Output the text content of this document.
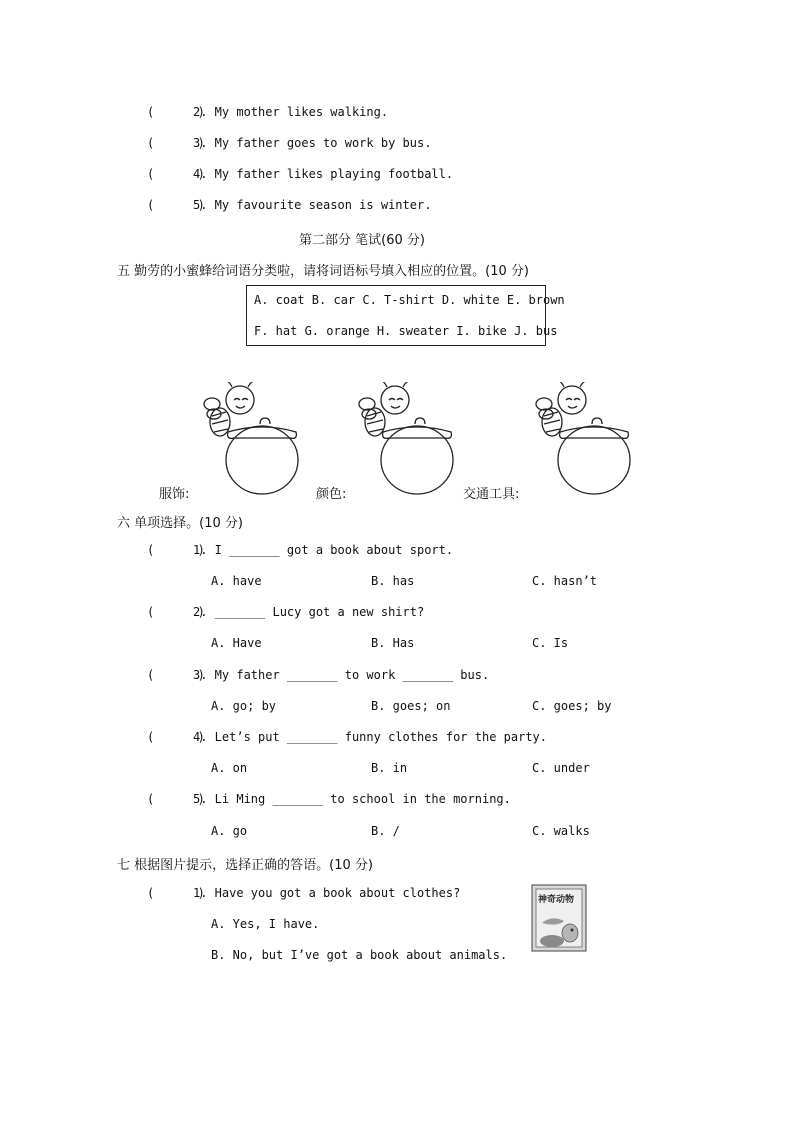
(      )
2. My mother likes walking.
(      )
3. My father goes to work by bus.
(      )
4. My father likes playing football.
(      )
5. My favourite season is winter.
第二部分 笔试(60 分)
五 勤劳的小蜜蜂给词语分类啦，请将词语标号填入相应的位置。(10 分)
A. coat B. car C. T-shirt D. white E. brown
F. hat G. orange H. sweater I. bike J. bus
服饰:	颜色:	交通工具:
六 单项选择。(10 分)
(      )
1. I _______ got a book about sport.
A. have	B. has	C. hasn’t
(      )
2. _______ Lucy got a new shirt?
A. Have	B. Has	C. Is
(      )
3. My father _______ to work _______ bus.
A. go; by	B. goes; on	C. goes; by
(      )
4. Let’s put _______ funny clothes for the party.
A. on	B. in	C. under
(      )
5. Li Ming _______ to school in the morning.
A. go	B. /	C. walks
七 根据图片提示，选择正确的答语。(10 分)
(      )
1. Have you got a book about clothes?
A. Yes, I have.
B. No, but I’ve got a book about animals.
神奇动物
